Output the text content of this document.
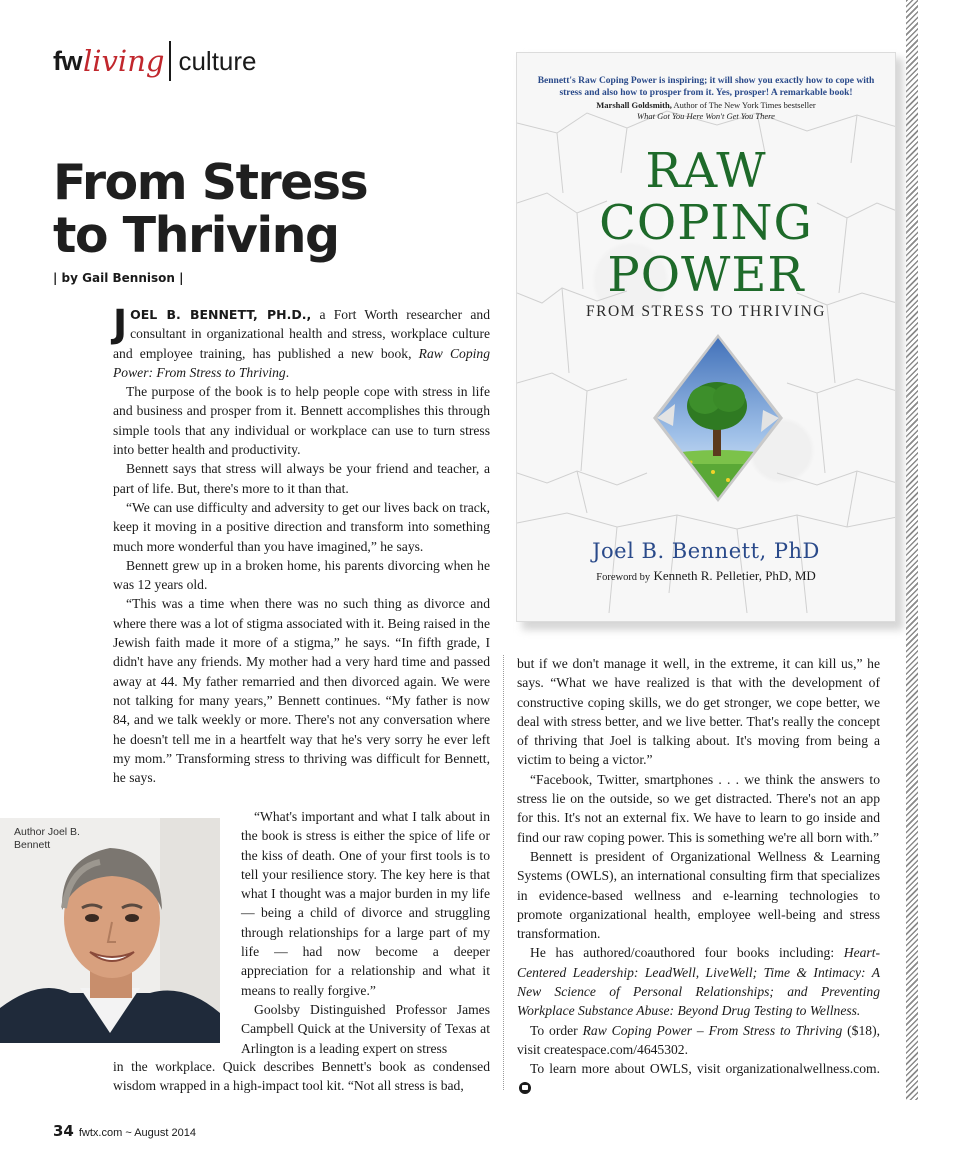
fw living culture
From Stress
to Thriving
| by Gail Bennison |
Bennett's Raw Coping Power is inspiring; it will show you exactly how to cope with stress and also how to prosper from it. Yes, prosper! A remarkable book!
Marshall Goldsmith, Author of The New York Times bestseller
What Got You Here Won't Get You There
RAW
COPING
POWER
FROM STRESS TO THRIVING
Joel B. Bennett, PhD
Foreword by Kenneth R. Pelletier, PhD, MD

JOEL B. BENNETT, PH.D., a Fort Worth researcher and consultant in organizational health and stress, workplace culture and employee training, has published a new book, Raw Coping Power: From Stress to Thriving.

The purpose of the book is to help people cope with stress in life and business and prosper from it. Bennett accomplishes this through simple tools that any individual or workplace can use to turn stress into better health and productivity.

Bennett says that stress will always be your friend and teacher, a part of life. But, there's more to it than that.

“We can use difficulty and adversity to get our lives back on track, keep it moving in a positive direction and transform into something much more wonderful than you have imagined,” he says.

Bennett grew up in a broken home, his parents divorcing when he was 12 years old.

“This was a time when there was no such thing as divorce and where there was a lot of stigma associated with it. Being raised in the Jewish faith made it more of a stigma,” he says. “In fifth grade, I didn't have any friends. My mother had a very hard time and passed away at 44. My father remarried and then divorced again. We were not talking for many years,” Bennett continues. “My father is now 84, and we talk weekly or more. There's not any conversation where he doesn't tell me in a heartfelt way that he's very sorry he ever left my mom.” Transforming stress to thriving was difficult for Bennett, he says.

Author Joel B. Bennett

“What's important and what I talk about in the book is stress is either the spice of life or the kiss of death. One of your first tools is to tell your resilience story. The key here is that what I thought was a major burden in my life — being a child of divorce and struggling through relationships for a large part of my life — had now become a deeper appreciation for a relationship and what it means to really forgive.”

Goolsby Distinguished Professor James Campbell Quick at the University of Texas at Arlington is a leading expert on stress

in the workplace. Quick describes Bennett's book as condensed wisdom wrapped in a high-impact tool kit. “Not all stress is bad,

but if we don't manage it well, in the extreme, it can kill us,” he says. “What we have realized is that with the development of constructive coping skills, we do get stronger, we cope better, we deal with stress better, and we live better. That's really the concept of thriving that Joel is talking about. It's moving from being a victim to being a victor.”

“Facebook, Twitter, smartphones . . . we think the answers to stress lie on the outside, so we get distracted. There's not an app for this. It's not an external fix. We have to learn to go inside and find our raw coping power. This is something we're all born with.”

Bennett is president of Organizational Wellness & Learning Systems (OWLS), an international consulting firm that specializes in evidence-based wellness and e-learning technologies to promote organizational health, employee well-being and stress transformation.

He has authored/coauthored four books including: Heart-Centered Leadership: LeadWell, LiveWell; Time & Intimacy: A New Science of Personal Relationships; and Preventing Workplace Substance Abuse: Beyond Drug Testing to Wellness.

To order Raw Coping Power – From Stress to Thriving ($18), visit createspace.com/4645302.

To learn more about OWLS, visit organizationalwellness.com.

34 fwtx.com ~ August 2014
